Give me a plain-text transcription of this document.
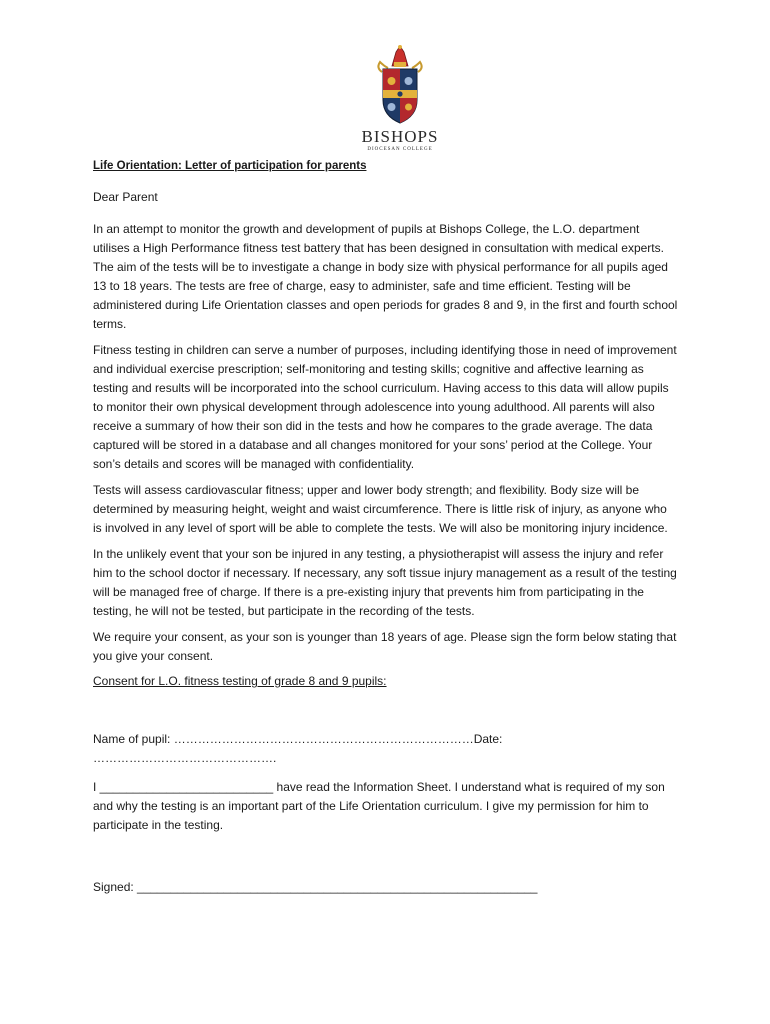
BISHOPS
DIOCESAN COLLEGE

Life Orientation: Letter of participation for parents

Dear Parent

In an attempt to monitor the growth and development of pupils at Bishops College, the L.O. department utilises a High Performance fitness test battery that has been designed in consultation with medical experts. The aim of the tests will be to investigate a change in body size with physical performance for all pupils aged 13 to 18 years. The tests are free of charge, easy to administer, safe and time efficient. Testing will be administered during Life Orientation classes and open periods for grades 8 and 9, in the first and fourth school terms.

Fitness testing in children can serve a number of purposes, including identifying those in need of improvement and individual exercise prescription; self-monitoring and testing skills; cognitive and affective learning as testing and results will be incorporated into the school curriculum. Having access to this data will allow pupils to monitor their own physical development through adolescence into young adulthood. All parents will also receive a summary of how their son did in the tests and how he compares to the grade average. The data captured will be stored in a database and all changes monitored for your sons’ period at the College. Your son’s details and scores will be managed with confidentiality.

Tests will assess cardiovascular fitness; upper and lower body strength; and flexibility. Body size will be determined by measuring height, weight and waist circumference. There is little risk of injury, as anyone who is involved in any level of sport will be able to complete the tests. We will also be monitoring injury incidence.

In the unlikely event that your son be injured in any testing, a physiotherapist will assess the injury and refer him to the school doctor if necessary. If necessary, any soft tissue injury management as a result of the testing will be managed free of charge. If there is a pre-existing injury that prevents him from participating in the testing, he will not be tested, but participate in the recording of the tests.

We require your consent, as your son is younger than 18 years of age. Please sign the form below stating that you give your consent.

Consent for L.O. fitness testing of grade 8 and 9 pupils:

Name of pupil: …………………………………………………………………Date: ……………………………………….

I __________________________ have read the Information Sheet. I understand what is required of my son and why the testing is an important part of the Life Orientation curriculum. I give my permission for him to participate in the testing.

Signed: ____________________________________________________________
